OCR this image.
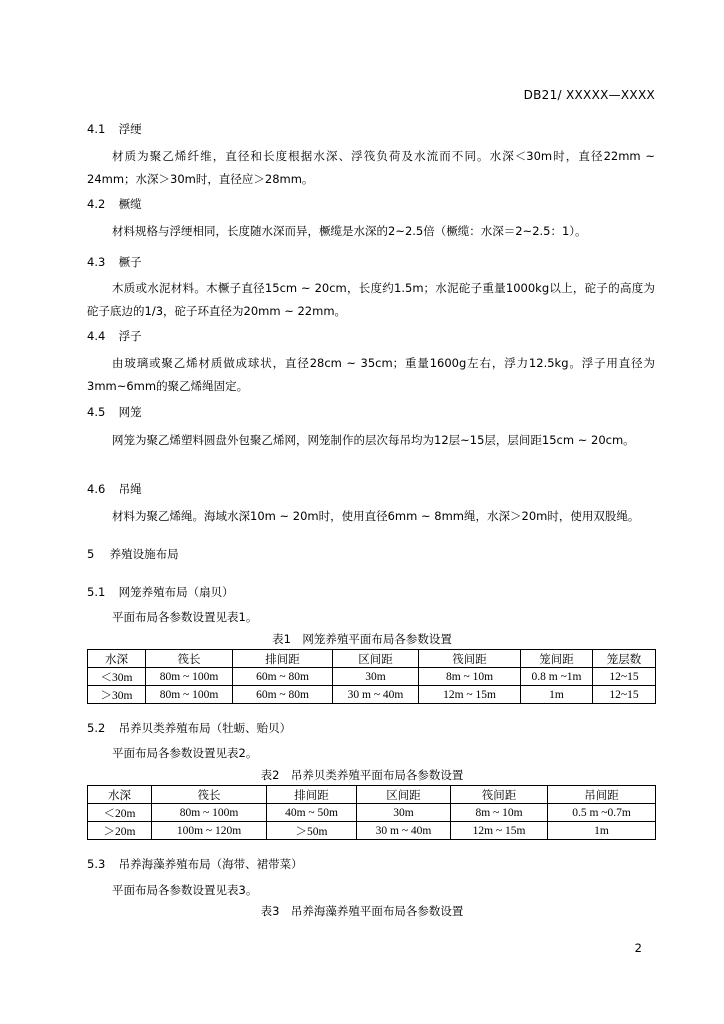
DB21/ XXXXX—XXXX
4.1 浮绠
材质为聚乙烯纤维，直径和长度根据水深、浮筏负荷及水流而不同。水深＜30m时，直径22mm ~ 24mm；水深＞30m时，直径应＞28mm。
4.2 橛缆
材料规格与浮绠相同，长度随水深而异，橛缆是水深的2~2.5倍（橛缆：水深＝2~2.5：1）。
4.3 橛子
木质或水泥材料。木橛子直径15cm ~ 20cm，长度约1.5m；水泥砣子重量1000kg以上，砣子的高度为砣子底边的1/3，砣子环直径为20mm ~ 22mm。
4.4 浮子
由玻璃或聚乙烯材质做成球状，直径28cm ~ 35cm；重量1600g左右，浮力12.5kg。浮子用直径为3mm~6mm的聚乙烯绳固定。
4.5 网笼
网笼为聚乙烯塑料圆盘外包聚乙烯网，网笼制作的层次每吊均为12层~15层，层间距15cm ~ 20cm。
4.6 吊绳
材料为聚乙烯绳。海域水深10m ~ 20m时，使用直径6mm ~ 8mm绳，水深＞20m时，使用双股绳。
5 养殖设施布局
5.1 网笼养殖布局（扇贝）
平面布局各参数设置见表1。
表1　网笼养殖平面布局各参数设置
水深	筏长	排间距	区间距	筏间距	笼间距	笼层数
＜30m	80m ~ 100m	60m ~ 80m	30m	8m ~ 10m	0.8 m ~1m	12~15
＞30m	80m ~ 100m	60m ~ 80m	30 m ~ 40m	12m ~ 15m	1m	12~15
5.2 吊养贝类养殖布局（牡蛎、贻贝）
平面布局各参数设置见表2。
表2　吊养贝类养殖平面布局各参数设置
水深	筏长	排间距	区间距	筏间距	吊间距
＜20m	80m ~ 100m	40m ~ 50m	30m	8m ~ 10m	0.5 m ~0.7m
＞20m	100m ~ 120m	＞50m	30 m ~ 40m	12m ~ 15m	1m
5.3 吊养海藻养殖布局（海带、裙带菜）
平面布局各参数设置见表3。
表3　吊养海藻养殖平面布局各参数设置
2
